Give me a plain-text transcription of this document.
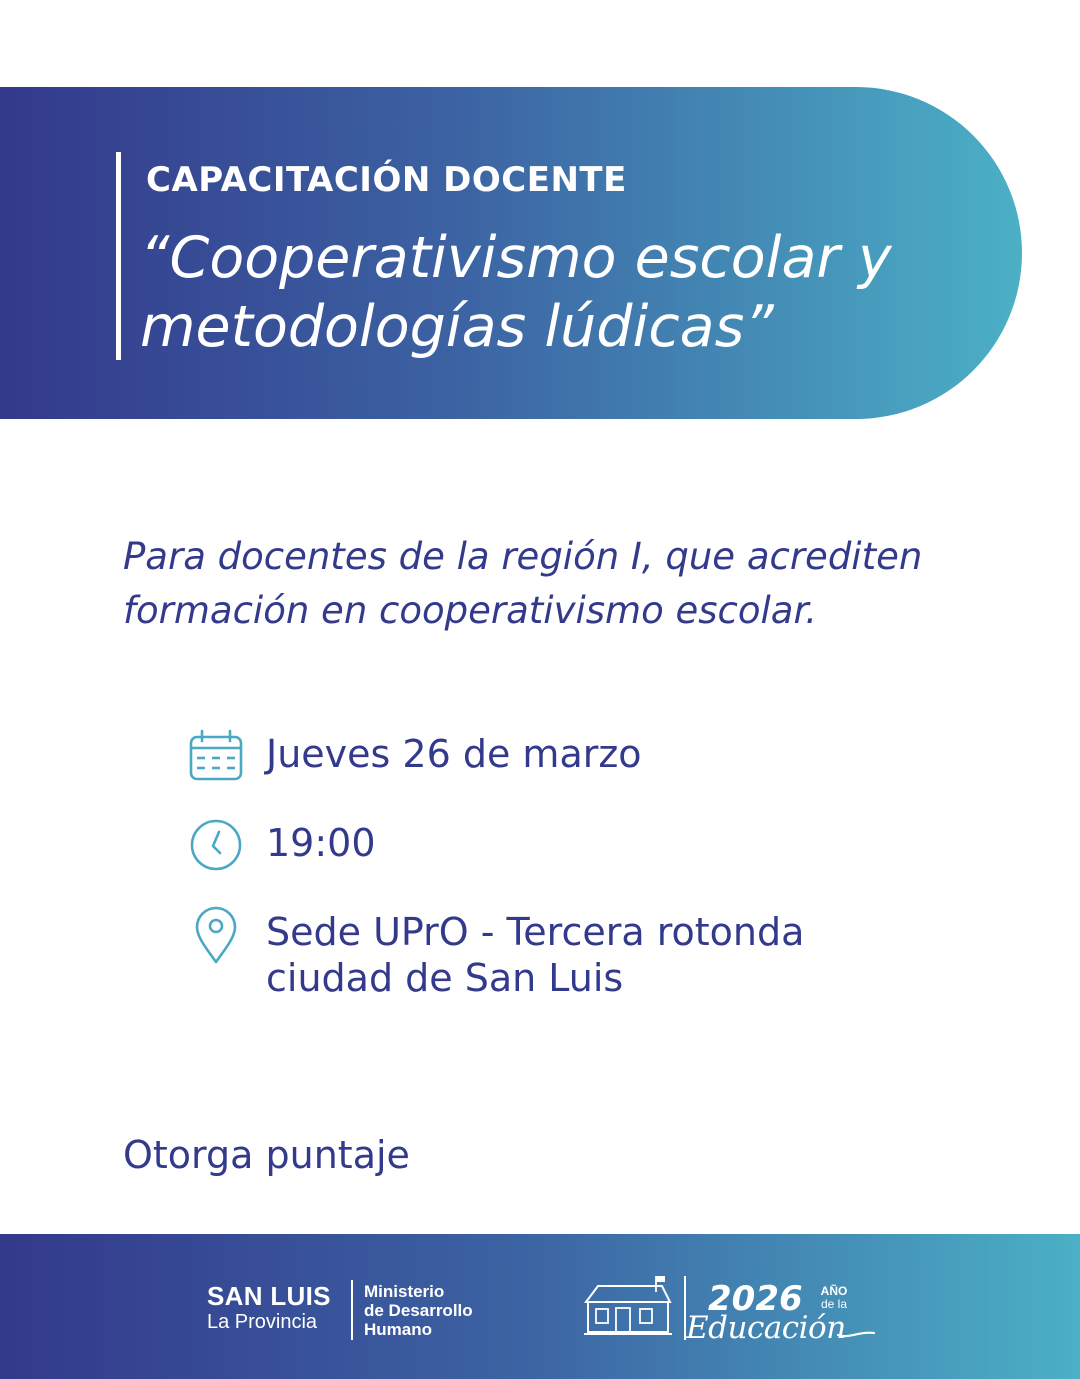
CAPACITACIÓN DOCENTE
“Cooperativismo escolar y metodologías lúdicas”
Para docentes de la región I, que acrediten formación en cooperativismo escolar.
Jueves 26 de marzo
19:00
Sede UPrO - Tercera rotonda ciudad de San Luis
Otorga puntaje
SAN LUIS
La Provincia
Ministerio
de Desarrollo
Humano
2026	AÑO
de la
Educación
